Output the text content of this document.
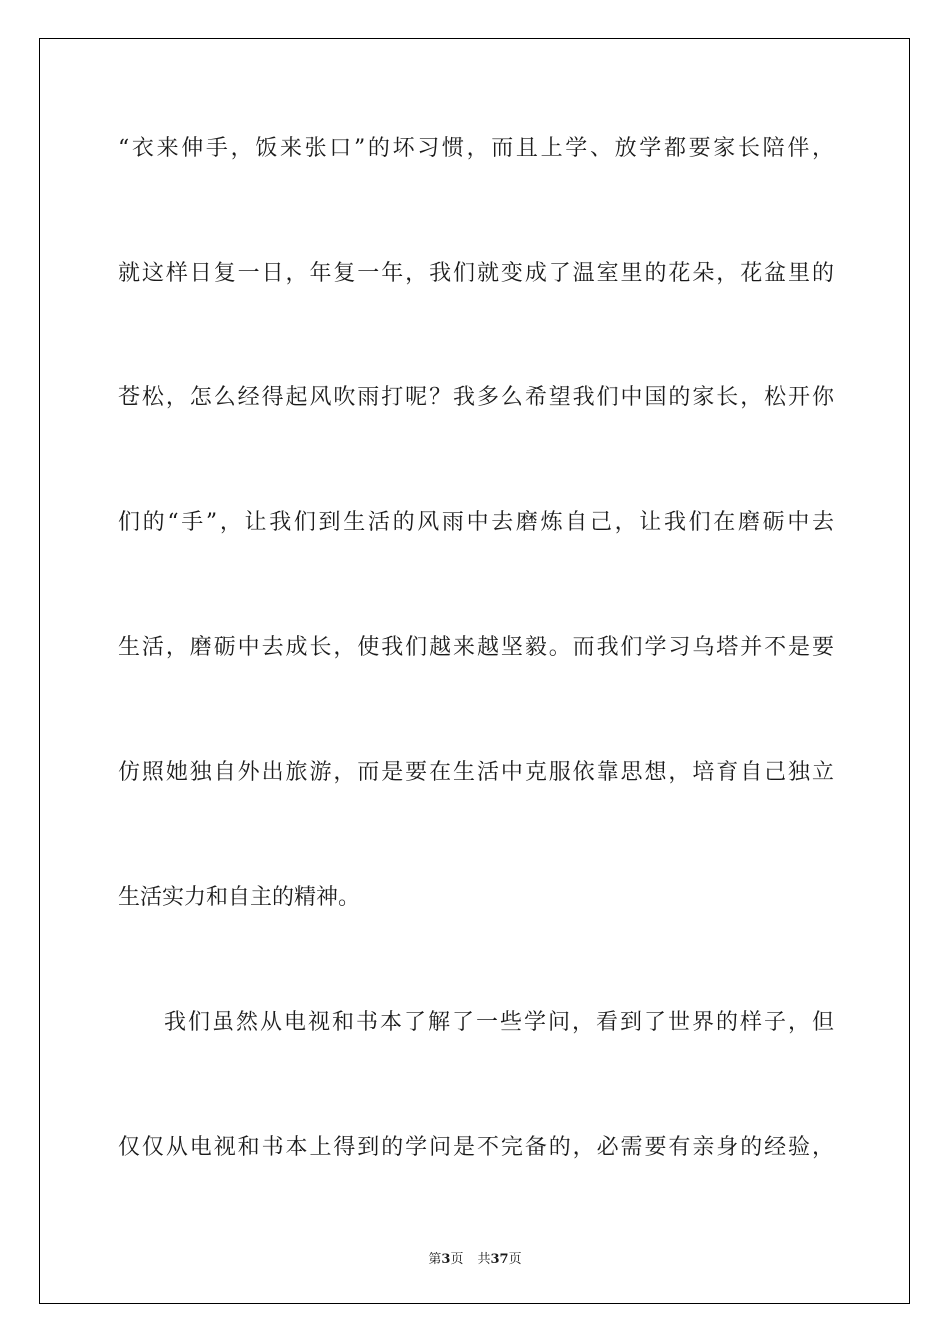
“衣来伸手，饭来张口”的坏习惯，而且上学、放学都要家长陪伴，
就这样日复一日，年复一年，我们就变成了温室里的花朵，花盆里的
苍松，怎么经得起风吹雨打呢？我多么希望我们中国的家长，松开你
们的“手”，让我们到生活的风雨中去磨炼自己，让我们在磨砺中去
生活，磨砺中去成长，使我们越来越坚毅。而我们学习乌塔并不是要
仿照她独自外出旅游，而是要在生活中克服依靠思想，培育自己独立
生活实力和自主的精神。
我们虽然从电视和书本了解了一些学问，看到了世界的样子，但
仅仅从电视和书本上得到的学问是不完备的，必需要有亲身的经验，
第3页 共37页
